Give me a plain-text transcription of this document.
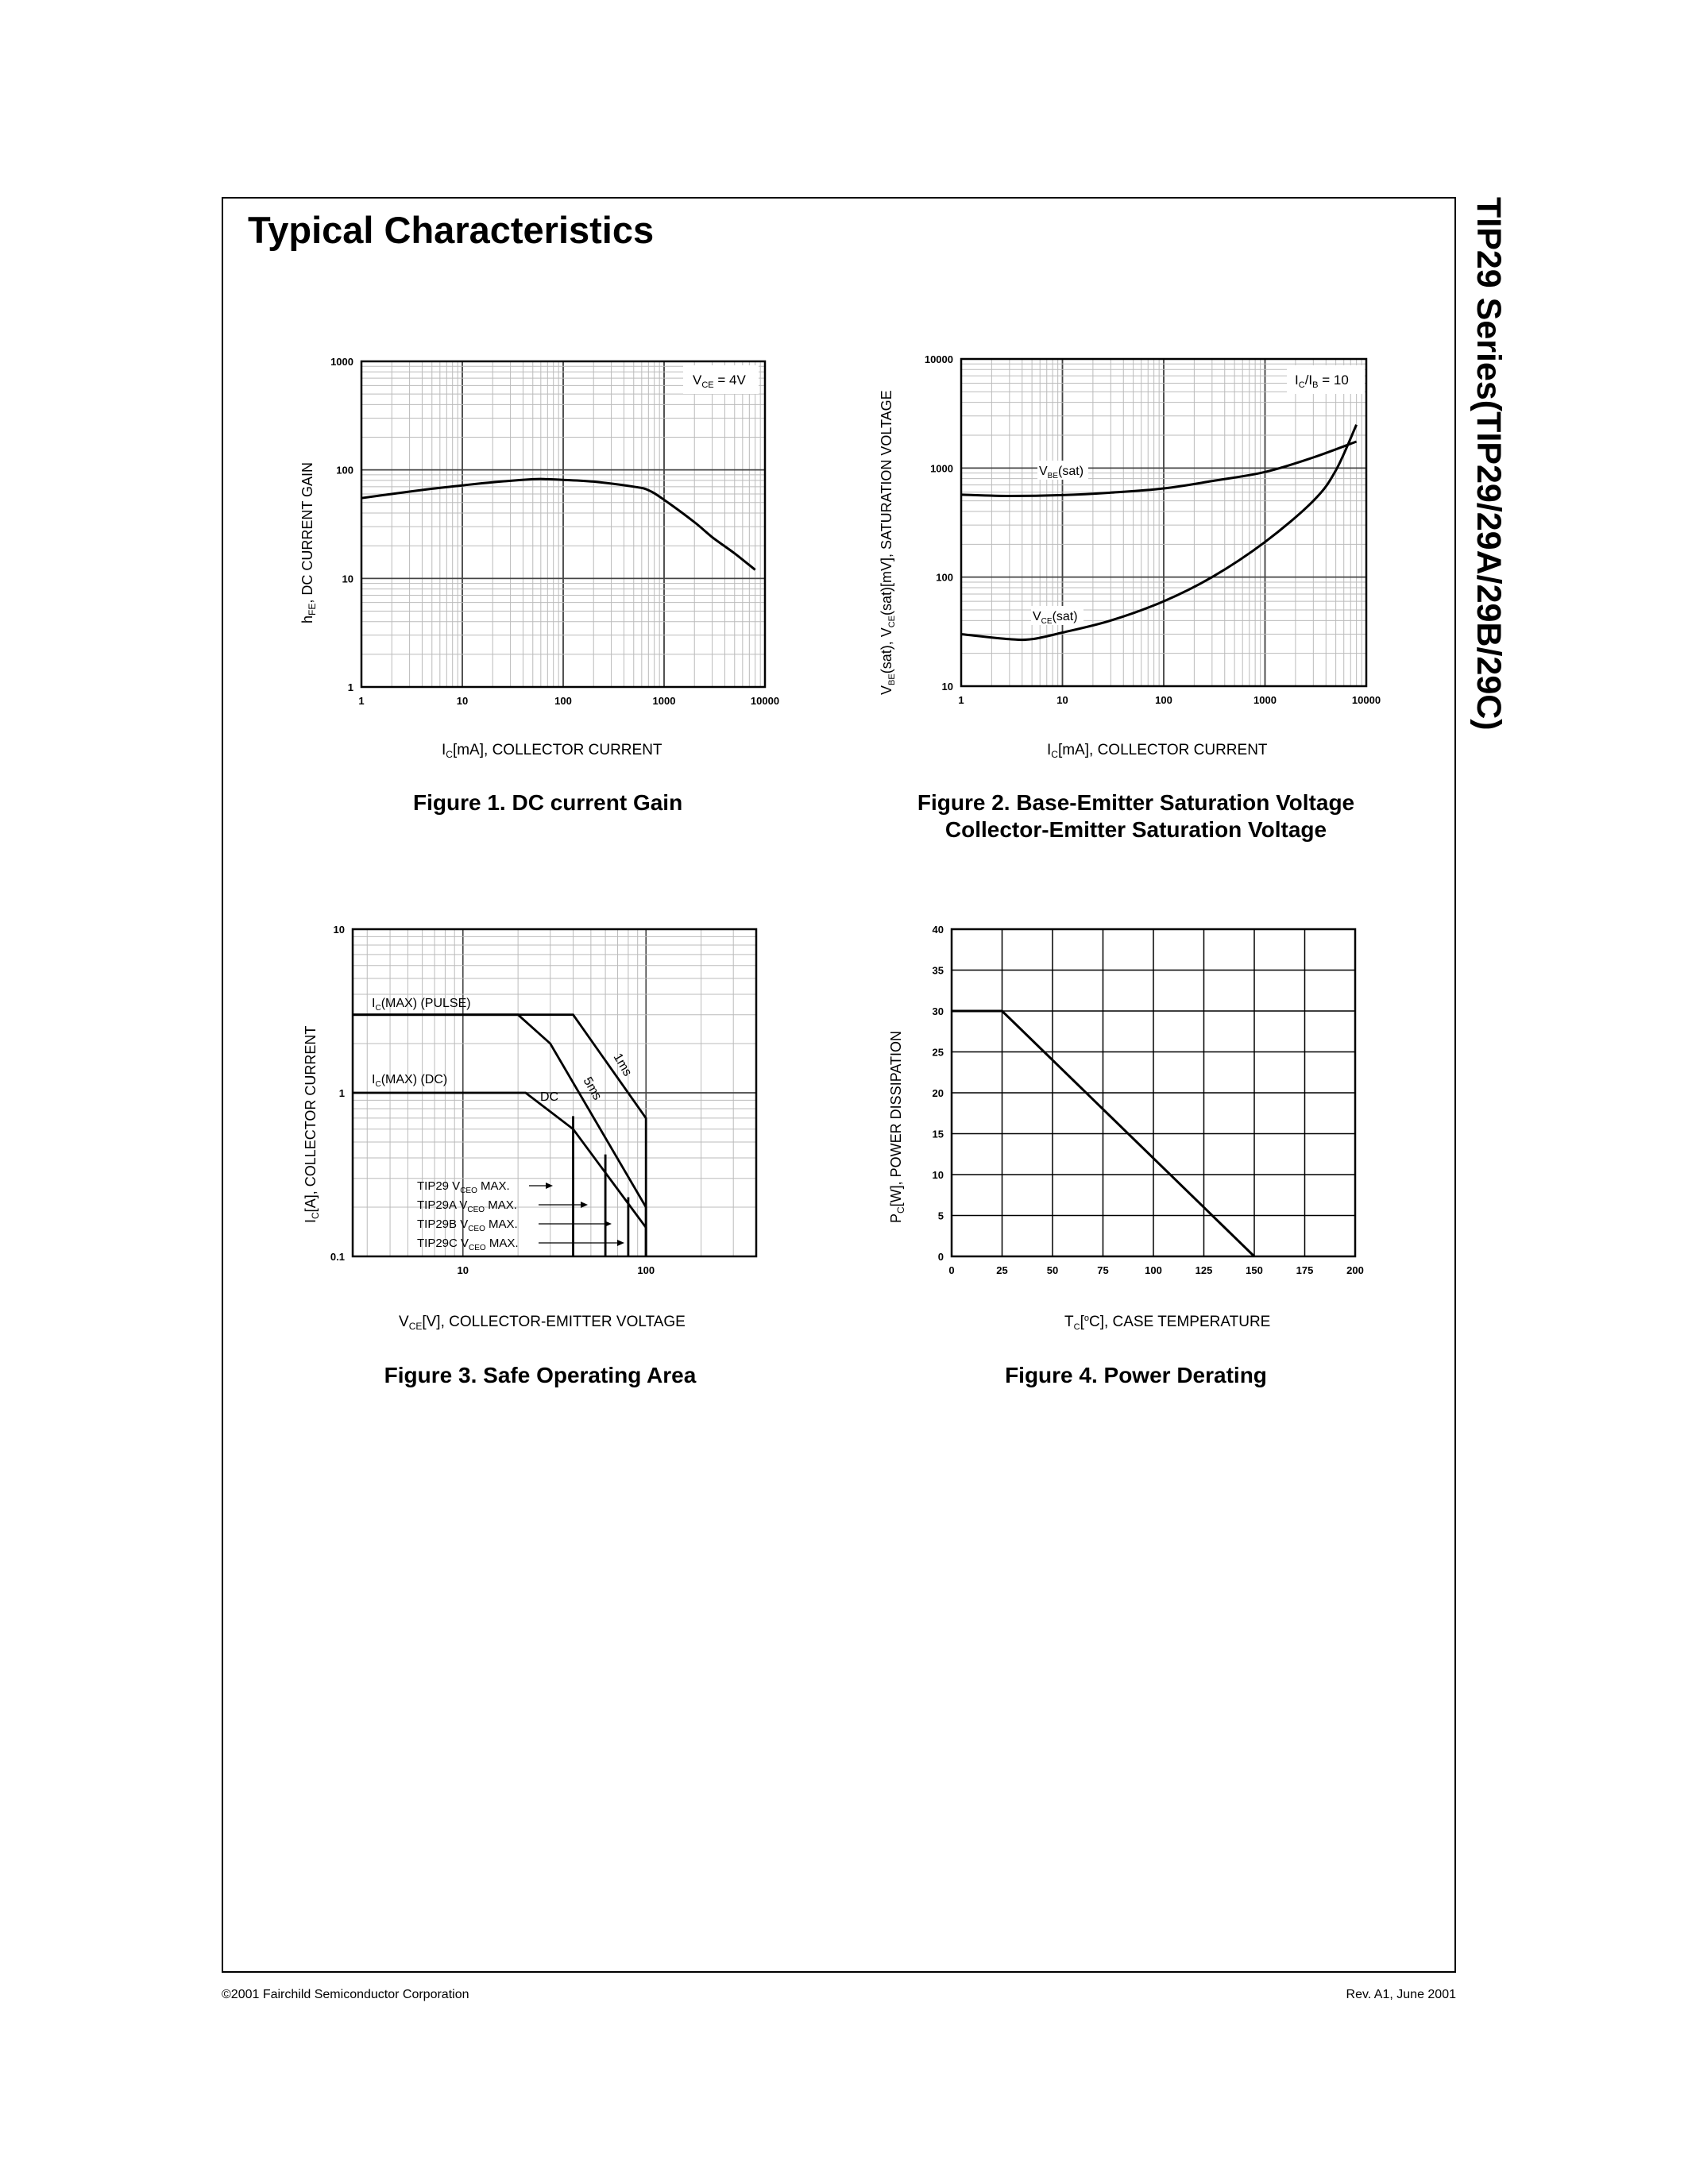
Typical Characteristics	TIP29 Series(TIP29/29A/29B/29C)
1	10	100	1000	10000
1
10
100
1000
$V_{CE} = 4V$
$h_{FE}$, DC CURRENT GAIN
$I_C[mA]$, COLLECTOR CURRENT
1	10	100	1000	10000
10
100
1000
10000
$I_C/I_B = 10$
$V_{BE}(sat)$
$V_{CE}(sat)$
$V_{BE}(sat)$, $V_{CE}(sat)[mV]$, SATURATION VOLTAGE
$I_C[mA]$, COLLECTOR CURRENT
10	100
0.1
1
10
$I_C(MAX)$ (PULSE)
$I_C(MAX)$ (DC)
DC 5ms
1ms
TIP29 $V_{CEO}$ MAX.
TIP29A $V_{CEO}$ MAX.
TIP29B $V_{CEO}$ MAX.
TIP29C $V_{CEO}$ MAX.
$I_C[A]$, COLLECTOR CURRENT
$V_{CE}[V]$, COLLECTOR-EMITTER VOLTAGE
0	25	50	75	100	125	150	175	200
0
5
10
15
20
25
30
35
40
$P_C[W]$, POWER DISSIPATION
$T_C[^oC]$, CASE TEMPERATURE
Figure 1. DC current Gain	Figure 2. Base-Emitter Saturation Voltage
Collector-Emitter Saturation Voltage
Figure 3. Safe Operating Area	Figure 4. Power Derating
©2001 Fairchild Semiconductor Corporation	Rev. A1, June 2001
